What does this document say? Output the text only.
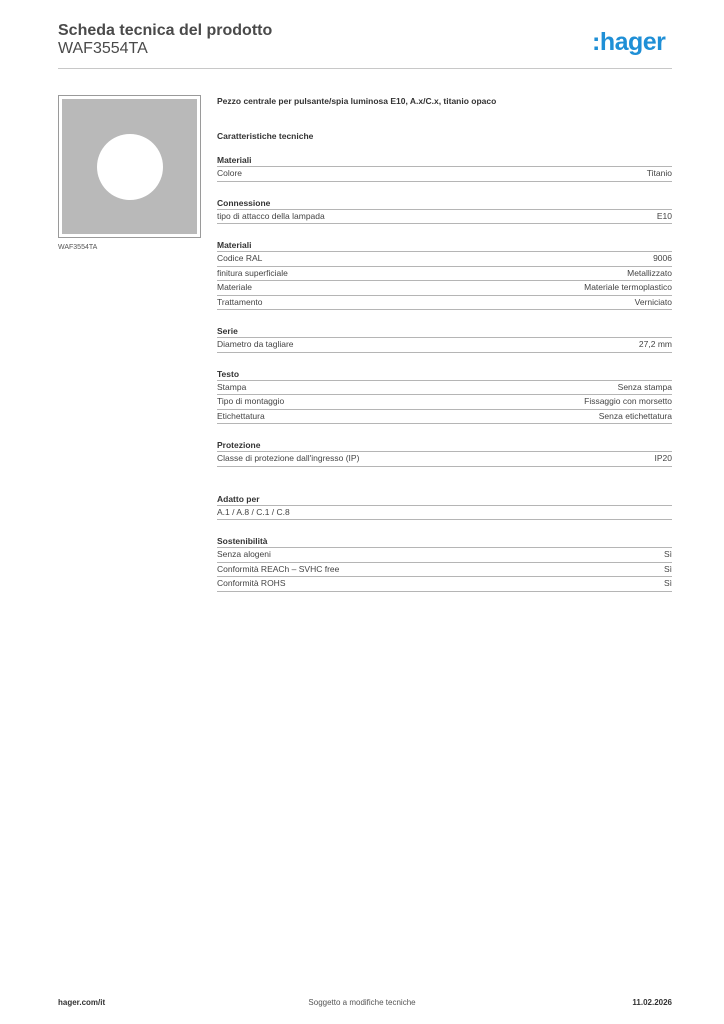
Scheda tecnica del prodotto
WAF3554TA	:hager
WAF3554TA
Pezzo centrale per pulsante/spia luminosa E10, A.x/C.x, titanio opaco
Caratteristiche tecniche
Materiali
Colore	Titanio
Connessione
tipo di attacco della lampada	E10
Materiali
Codice RAL	9006
finitura superficiale	Metallizzato
Materiale	Materiale termoplastico
Trattamento	Verniciato
Serie
Diametro da tagliare	27,2 mm
Testo
Stampa	Senza stampa
Tipo di montaggio	Fissaggio con morsetto
Etichettatura	Senza etichettatura
Protezione
Classe di protezione dall'ingresso (IP)	IP20
Adatto per
A.1 / A.8 / C.1 / C.8
Sostenibilità
Senza alogeni	Sì
Conformità REACh – SVHC free	Sì
Conformità ROHS	Sì
Soggetto a modifiche tecniche
hager.com/it	11.02.2026
